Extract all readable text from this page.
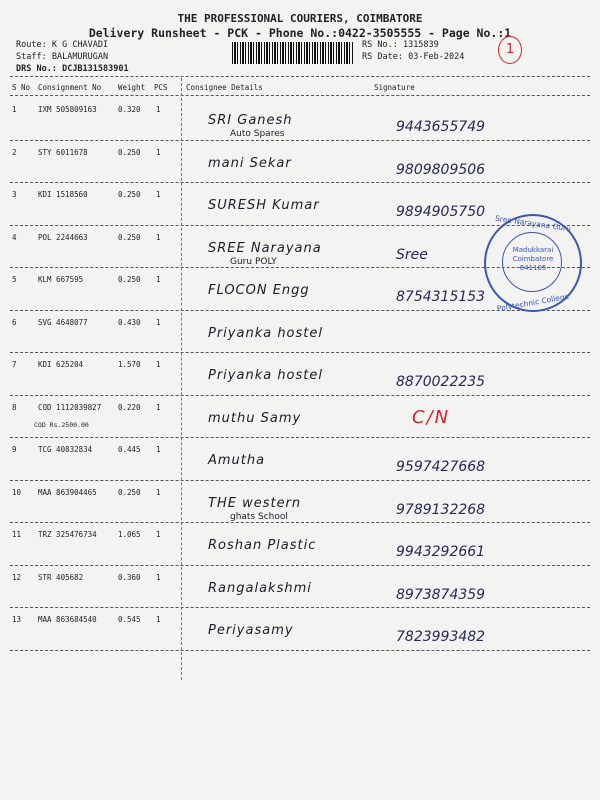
THE PROFESSIONAL COURIERS, COIMBATORE
Delivery Runsheet - PCK - Phone No.:0422-3505555 - Page No.:1
Route: K G CHAVADI
Staff: BALAMURUGAN
DRS No.: DCJB131583901
RS No.: 1315839
RS Date: 03-Feb-2024	1
S No Consignment No Weight PCS Consignee Details	Signature
1	IXM 505809163	0.320 1
SRI Ganesh
Auto Spares	9443655749
2	STY 6011678	0.250 1
mani Sekar	9809809506
3	KDI 1518560	0.250 1
SURESH Kumar	9894905750
4	POL 2244663	0.250 1
SREE Narayana
Guru POLY	Sree
5	KLM 667595	0.250 1
FLOCON Engg	8754315153
6	SVG 4648077	0.430 1
Priyanka hostel
7	KDI 625204	1.570 1
Priyanka hostel	8870022235
8	COD 1112039827 0.220 1
COD Rs.2500.00	muthu Samy	C/N
9	TCG 40832834	0.445 1
Amutha	9597427668
10 MAA 863904465	0.250 1
THE western
ghats School	9789132268
11 TRZ 325476734	1.065 1
Roshan Plastic	9943292661
12 STR 405682	0.360 1
Rangalakshmi	8973874359
13 MAA 863684540	0.545 1
Periyasamy	7823993482
Sree Narayana Guru
Madukkarai
Coimbatore
641105
Polytechnic College
